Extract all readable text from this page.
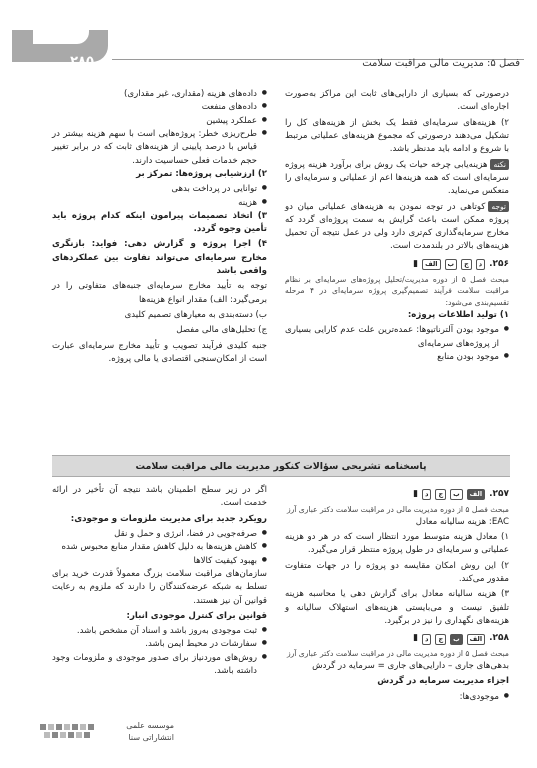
۲۸۵	فصل ۵: مدیریت مالی مراقبت سلامت

درصورتی که بسیاری از دارایی‌های ثابت این مراکز به‌صورت اجاره‌ای است.

۲) هزینه‌های سرمایه‌ای فقط یک بخش از هزینه‌های کل را تشکیل می‌دهند درصورتی که مجموع هزینه‌های عملیاتی مرتبط با شروع و ادامه باید مدنظر باشد.

نکتههزینه‌یابی چرخه حیات یک روش برای برآورد هزینه پروژه سرمایه‌ای است که همه هزینه‌ها اعم از عملیاتی و سرمایه‌ای را منعکس می‌نماید.

توجهکوتاهی در توجه نمودن به هزینه‌های عملیاتی میان دو پروژه ممکن است باعث گرایش به سمت پروژه‌ای گردد که مخارج سرمایه‌گذاری کم‌تری دارد ولی در عمل نتیجه آن تحمیل هزینه‌های بالاتر در بلندمدت است.

۲۵۶.
د
ج
ب
الف
▮

مبحث فصل ۵ از دوره مدیریت/تحلیل پروژه‌های سرمایه‌ای بر نظام مراقبت سلامت فرآیند تصمیم‌گیری پروژه سرمایه‌ای در ۴ مرحله تقسیم‌بندی می‌شود:

۱) تولید اطلاعات پروژه:

● موجود بودن آلترناتیوها: عمده‌ترین علت عدم کارایی بسیاری از پروژه‌های سرمایه‌ای
● موجود بودن منابع
● داده‌های هزینه (مقداری، غیر مقداری)
● داده‌های منفعت
● عملکرد پیشین
● طرح‌ریزی خطر: پروژه‌هایی است با سهم هزینه بیشتر در قیاس با درصد پایینی از هزینه‌های ثابت که در برابر تغییر حجم خدمات فعلی حساسیت دارند.

۲) ارزشیابی پروژه‌ها: تمرکز بر

● توانایی در پرداخت بدهی
● هزینه

۳) اتخاذ تصمیمات پیرامون اینکه کدام پروژه باید تأمین وجوه گردد.

۴) اجرا پروژه و گزارش دهی: فواید: بازنگری مخارج سرمایه‌ای می‌تواند تفاوت بین عملکردهای واقعی باشد

توجه به تأیید مخارج سرمایه‌ای جنبه‌های متفاوتی را در برمی‌گیرد: الف) مقدار انواع هزینه‌ها

ب) دسته‌بندی به معیارهای تصمیم کلیدی

ج) تحلیل‌های مالی مفصل

جنبه کلیدی فرآیند تصویب و تأیید مخارج سرمایه‌ای عبارت است از امکان‌سنجی اقتصادی یا مالی پروژه.

پاسخنامه تشریحی سؤالات کنکور مدیریت مالی مراقبت سلامت
۲۵۷.
الف
ب
ج
د
▮

مبحث فصل ۵ از دوره مدیریت مالی در مراقبت سلامت دکتر عباری آرز

EAC: هزینه سالیانه معادل

۱) معادل هزینه متوسط مورد انتظار است که در هر دو هزینه عملیاتی و سرمایه‌ای در طول پروژه منتظر قرار می‌گیرد.

۲) این روش امکان مقایسه دو پروژه را در جهات متفاوت مقدور می‌کند.

۳) هزینه سالیانه معادل برای گزارش دهی یا محاسبه هزینه تلفیق نیست و می‌بایستی هزینه‌های استهلاک سالیانه و هزینه‌های نگهداری را نیز در برگیرد.

۲۵۸.
الف
ب
ج
د
▮

مبحث فصل ۵ از دوره مدیریت مالی در مراقبت سلامت دکتر عباری آرز

بدهی‌های جاری – دارایی‌های جاری = سرمایه در گردش

اجزاء مدیریت سرمایه در گردش

● موجودی‌ها:

اگر در زیر سطح اطمینان باشد نتیجه آن تأخیر در ارائه خدمت است.

رویکرد جدید برای مدیریت ملزومات و موجودی:

● صرفه‌جویی در فضا، انرژی و حمل و نقل
● کاهش هزینه‌ها به دلیل کاهش مقدار منابع محبوس شده
● بهبود کیفیت کالاها

سازمان‌های مراقبت سلامت بزرگ معمولاً قدرت خرید برای تسلط به شبکه عرضه‌کنندگان را دارند که ملزوم به رعایت قوانین آن نیز هستند.

قوانین برای کنترل موجودی انبار:

● ثبت موجودی به‌روز باشد و اسناد آن مشخص باشد.
● سفارشات در محیط ایمن باشد.
● روش‌های موردنیاز برای صدور موجودی و ملزومات وجود داشته باشد.
موسسه علمی
انتشاراتی سنا
